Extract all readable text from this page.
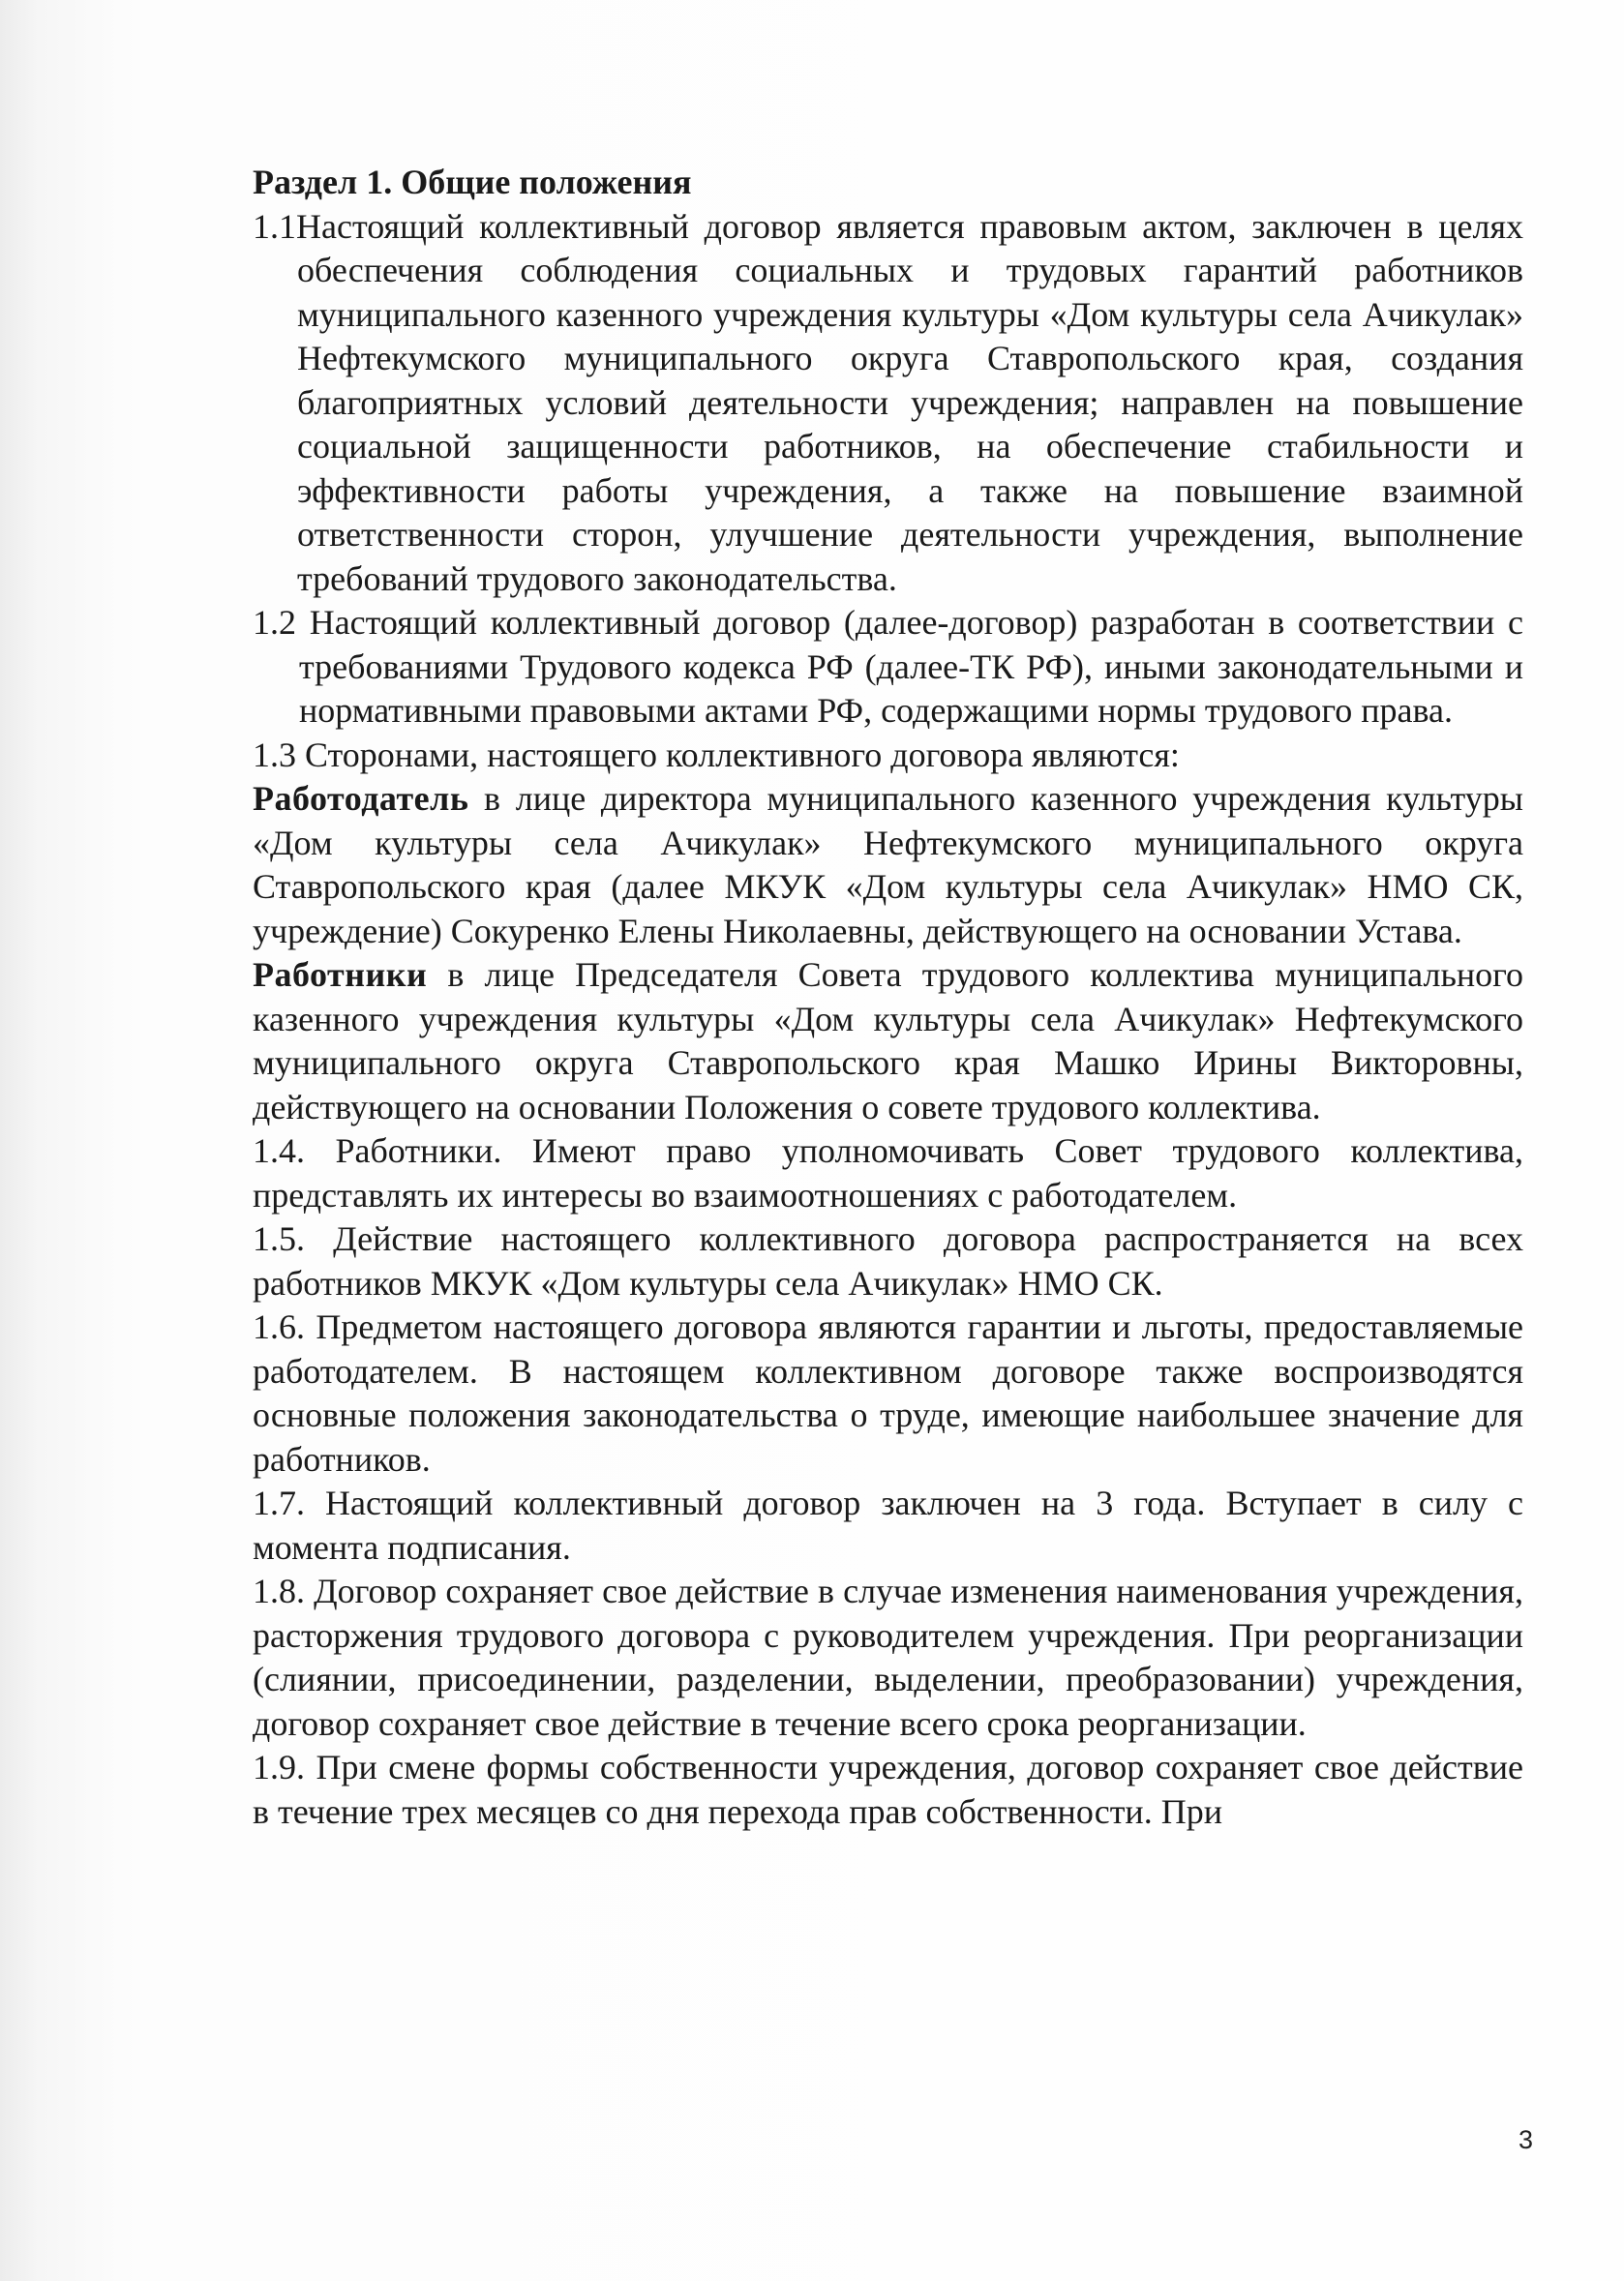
Раздел 1. Общие положения

1.1Настоящий коллективный договор является правовым актом, заключен в целях обеспечения соблюдения социальных и трудовых гарантий работников муниципального казенного учреждения культуры «Дом культуры села Ачикулак» Нефтекумского муниципального округа Ставропольского края, создания благоприятных условий деятельности учреждения; направлен на повышение социальной защищенности работников, на обеспечение стабильности и эффективности работы учреждения, а также на повышение взаимной ответственности сторон, улучшение деятельности учреждения, выполнение требований трудового законодательства.

1.2 Настоящий коллективный договор (далее-договор) разработан в соответствии с требованиями Трудового кодекса РФ (далее-ТК РФ), иными законодательными и нормативными правовыми актами РФ, содержащими нормы трудового права.

1.3 Сторонами, настоящего коллективного договора являются:

Работодатель в лице директора муниципального казенного учреждения культуры «Дом культуры села Ачикулак» Нефтекумского муниципального округа Ставропольского края (далее МКУК «Дом культуры села Ачикулак» НМО СК, учреждение) Сокуренко Елены Николаевны, действующего на основании Устава.

Работники в лице Председателя Совета трудового коллектива муниципального казенного учреждения культуры «Дом культуры села Ачикулак» Нефтекумского муниципального округа Ставропольского края Машко Ирины Викторовны, действующего на основании Положения о совете трудового коллектива.

1.4. Работники. Имеют право уполномочивать Совет трудового коллектива, представлять их интересы во взаимоотношениях с работодателем.

1.5. Действие настоящего коллективного договора распространяется на всех работников МКУК «Дом культуры села Ачикулак» НМО СК.

1.6. Предметом настоящего договора являются гарантии и льготы, предоставляемые работодателем. В настоящем коллективном договоре также воспроизводятся основные положения законодательства о труде, имеющие наибольшее значение для работников.

1.7. Настоящий коллективный договор заключен на 3 года. Вступает в силу с момента подписания.

1.8. Договор сохраняет свое действие в случае изменения наименования учреждения, расторжения трудового договора с руководителем учреждения. При реорганизации (слиянии, присоединении, разделении, выделении, преобразовании) учреждения, договор сохраняет свое действие в течение всего срока реорганизации.

1.9. При смене формы собственности учреждения, договор сохраняет свое действие в течение трех месяцев со дня перехода прав собственности. При

3
